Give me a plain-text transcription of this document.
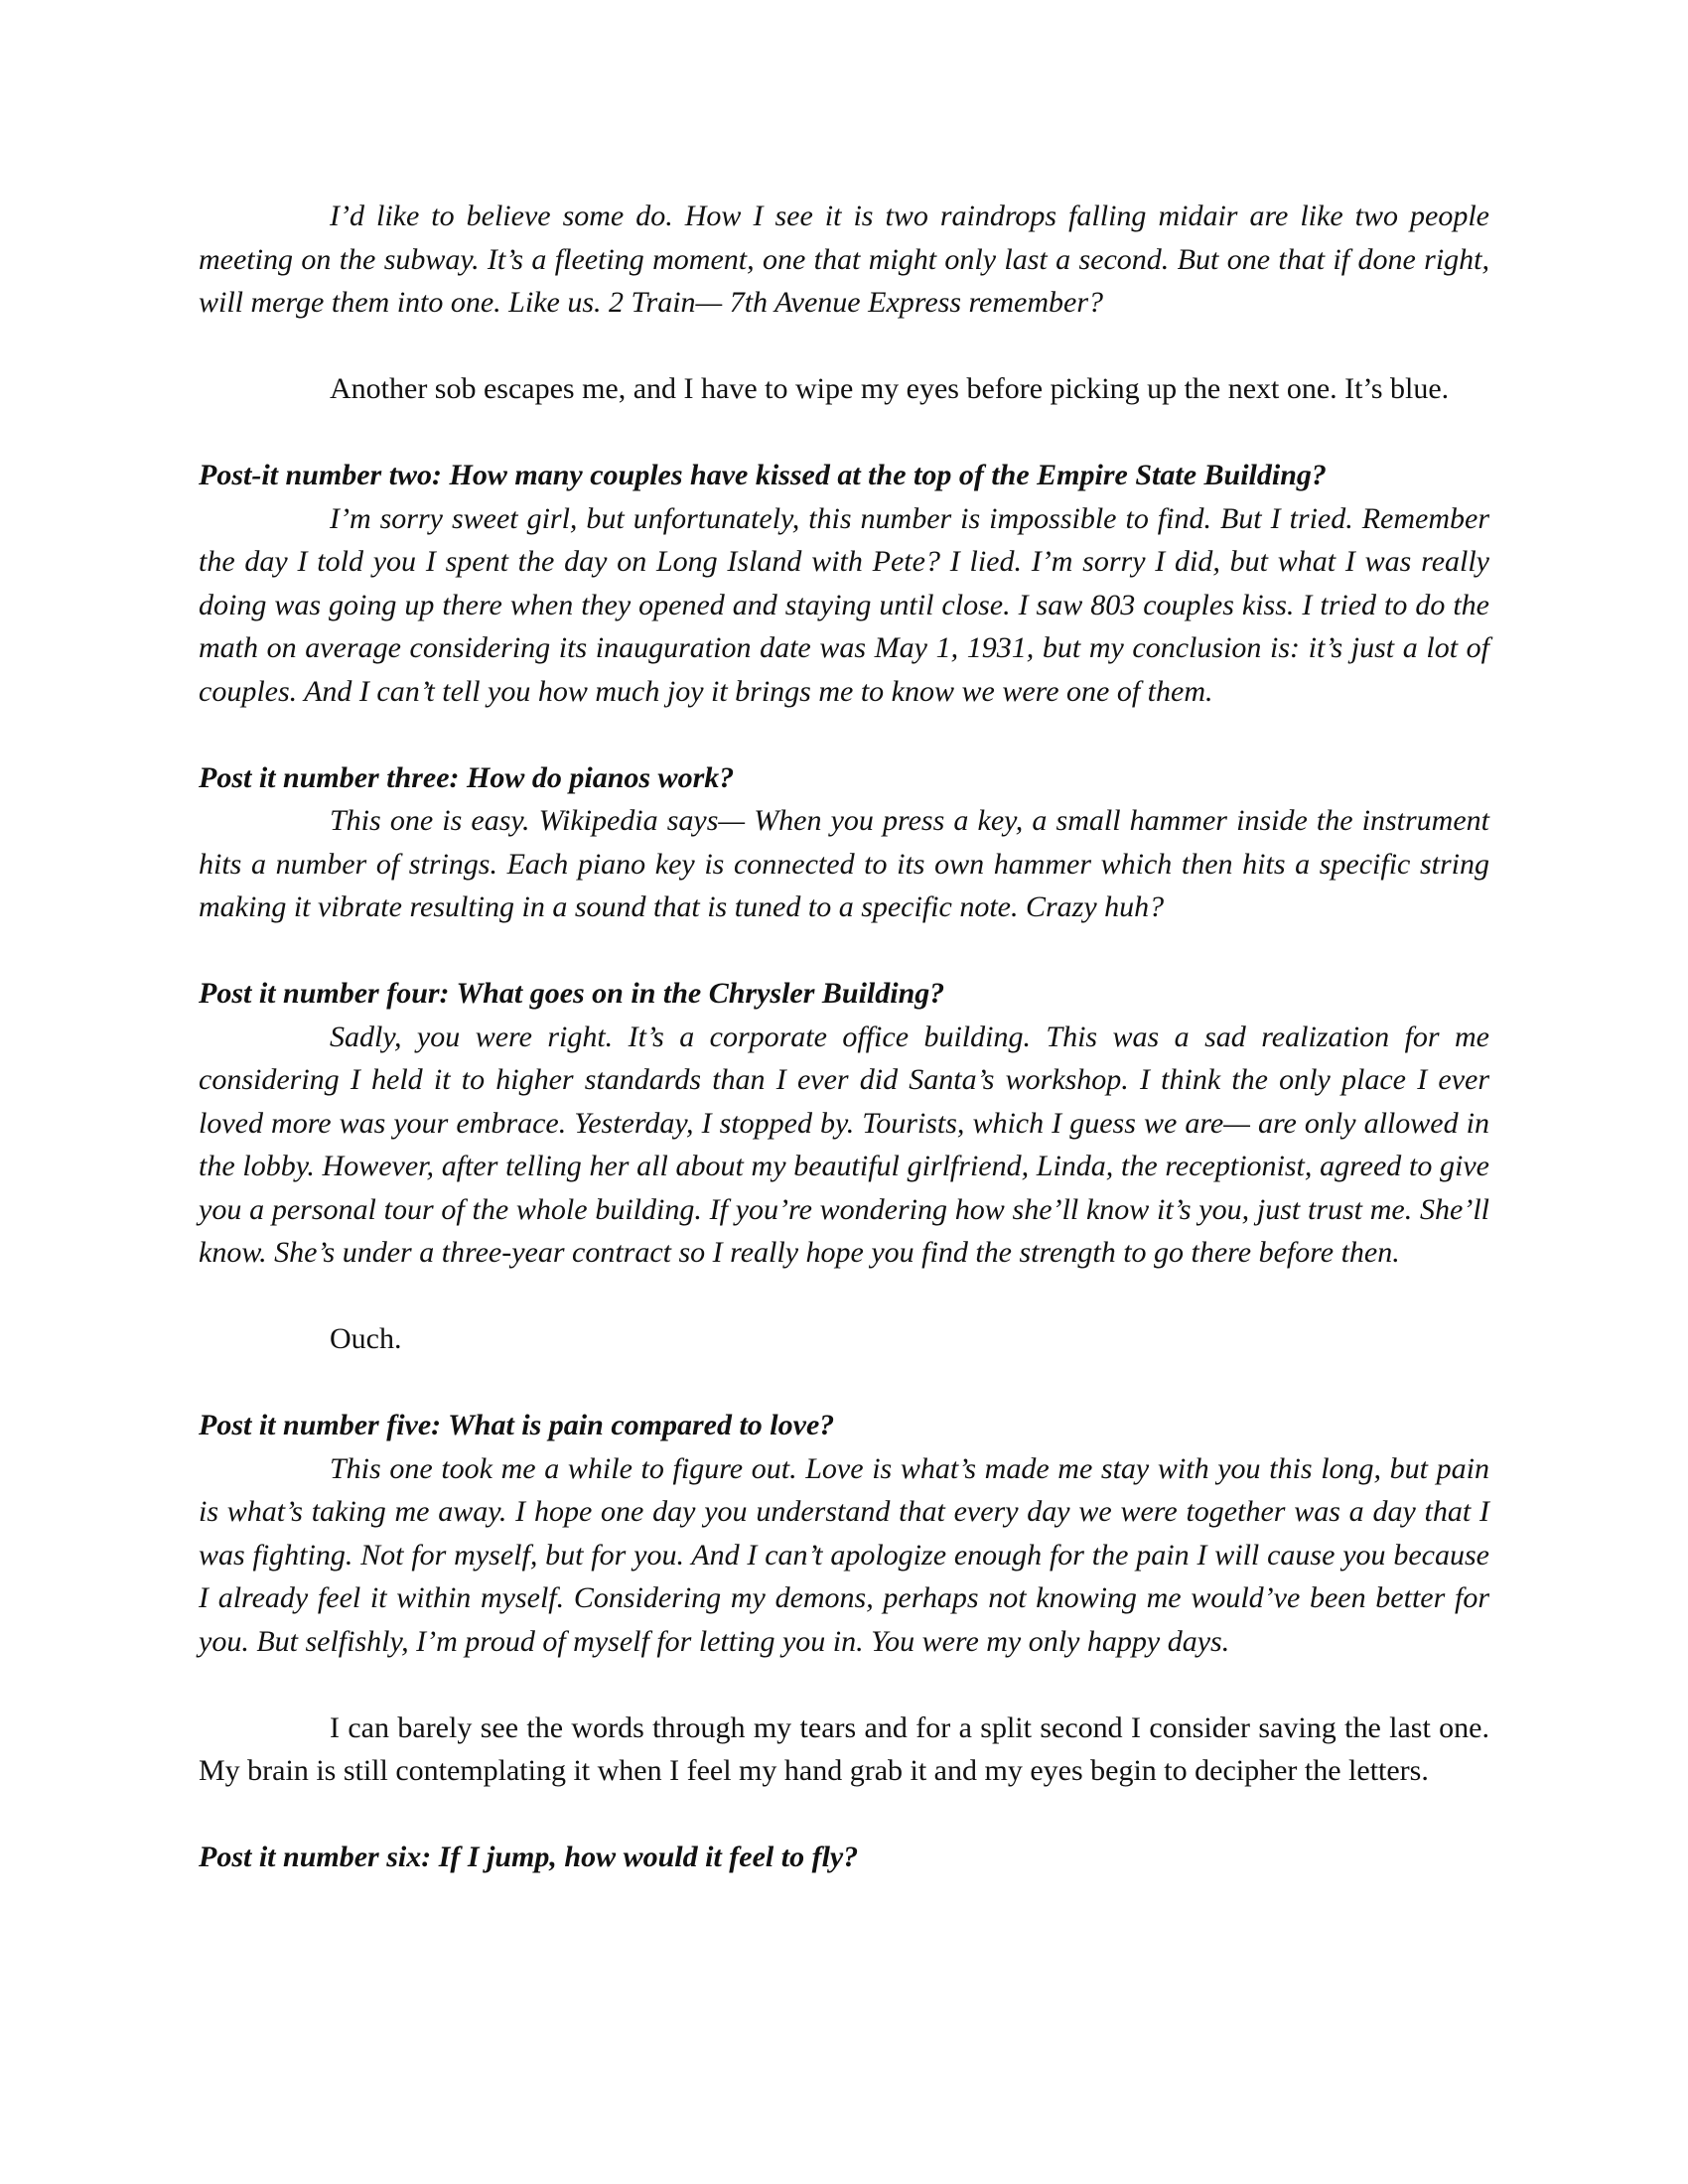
I’d like to believe some do. How I see it is two raindrops falling midair are like two people meeting on the subway. It’s a fleeting moment, one that might only last a second. But one that if done right, will merge them into one. Like us. 2 Train— 7th Avenue Express remember?

Another sob escapes me, and I have to wipe my eyes before picking up the next one. It’s blue.

Post-it number two: How many couples have kissed at the top of the Empire State Building?

I’m sorry sweet girl, but unfortunately, this number is impossible to find. But I tried. Remember the day I told you I spent the day on Long Island with Pete? I lied. I’m sorry I did, but what I was really doing was going up there when they opened and staying until close. I saw 803 couples kiss. I tried to do the math on average considering its inauguration date was May 1, 1931, but my conclusion is: it’s just a lot of couples. And I can’t tell you how much joy it brings me to know we were one of them.

Post it number three: How do pianos work?

This one is easy. Wikipedia says— When you press a key, a small hammer inside the instrument hits a number of strings. Each piano key is connected to its own hammer which then hits a specific string making it vibrate resulting in a sound that is tuned to a specific note. Crazy huh?

Post it number four: What goes on in the Chrysler Building?

Sadly, you were right. It’s a corporate office building. This was a sad realization for me considering I held it to higher standards than I ever did Santa’s workshop. I think the only place I ever loved more was your embrace. Yesterday, I stopped by. Tourists, which I guess we are— are only allowed in the lobby. However, after telling her all about my beautiful girlfriend, Linda, the receptionist, agreed to give you a personal tour of the whole building. If you’re wondering how she’ll know it’s you, just trust me. She’ll know. She’s under a three-year contract so I really hope you find the strength to go there before then.

Ouch.

Post it number five: What is pain compared to love?

This one took me a while to figure out. Love is what’s made me stay with you this long, but pain is what’s taking me away. I hope one day you understand that every day we were together was a day that I was fighting. Not for myself, but for you. And I can’t apologize enough for the pain I will cause you because I already feel it within myself. Considering my demons, perhaps not knowing me would’ve been better for you. But selfishly, I’m proud of myself for letting you in. You were my only happy days.

I can barely see the words through my tears and for a split second I consider saving the last one. My brain is still contemplating it when I feel my hand grab it and my eyes begin to decipher the letters.

Post it number six: If I jump, how would it feel to fly?
